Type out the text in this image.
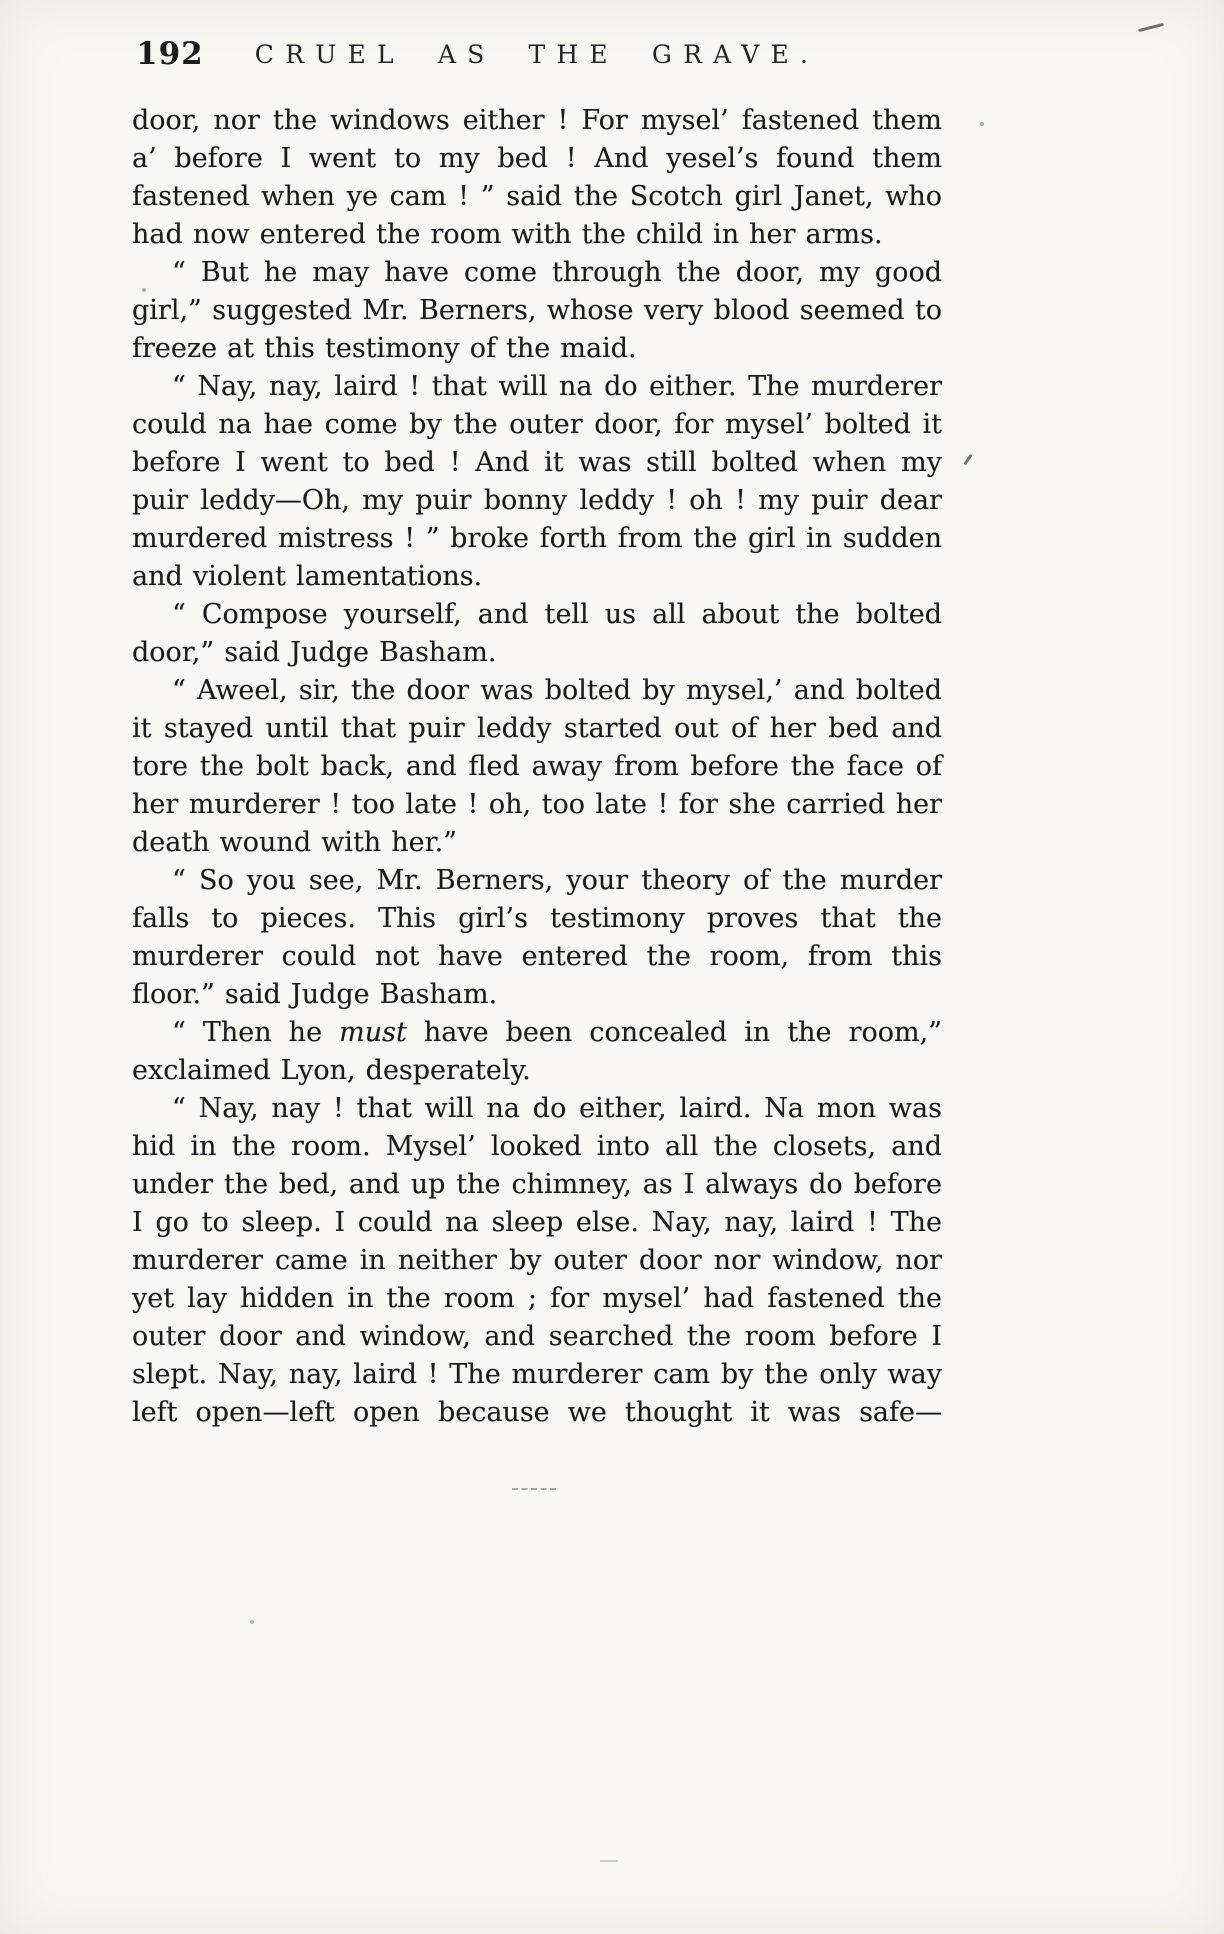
192	CRUEL AS THE GRAVE.

door, nor the windows either ! For mysel’ fastened them a’ before I went to my bed ! And yesel’s found them fastened when ye cam ! ” said the Scotch girl Janet, who had now entered the room with the child in her arms.

“ But he may have come through the door, my good girl,” suggested Mr. Berners, whose very blood seemed to freeze at this testimony of the maid.

“ Nay, nay, laird ! that will na do either. The murderer could na hae come by the outer door, for mysel’ bolted it before I went to bed ! And it was still bolted when my puir leddy—Oh, my puir bonny leddy ! oh ! my puir dear murdered mistress ! ” broke forth from the girl in sudden and violent lamentations.

“ Compose yourself, and tell us all about the bolted door,” said Judge Basham.

“ Aweel, sir, the door was bolted by mysel,’ and bolted it stayed until that puir leddy started out of her bed and tore the bolt back, and fled away from before the face of her murderer ! too late ! oh, too late ! for she carried her death wound with her.”

“ So you see, Mr. Berners, your theory of the murder falls to pieces. This girl’s testimony proves that the murderer could not have entered the room, from this floor.” said Judge Basham.

“ Then he must have been concealed in the room,” exclaimed Lyon, desperately.

“ Nay, nay ! that will na do either, laird. Na mon was hid in the room. Mysel’ looked into all the closets, and under the bed, and up the chimney, as I always do before I go to sleep. I could na sleep else. Nay, nay, laird ! The murderer came in neither by outer door nor window, nor yet lay hidden in the room ; for mysel’ had fastened the outer door and window, and searched the room before I slept. Nay, nay, laird ! The murderer cam by the only way left open—left open because we thought it was safe—
